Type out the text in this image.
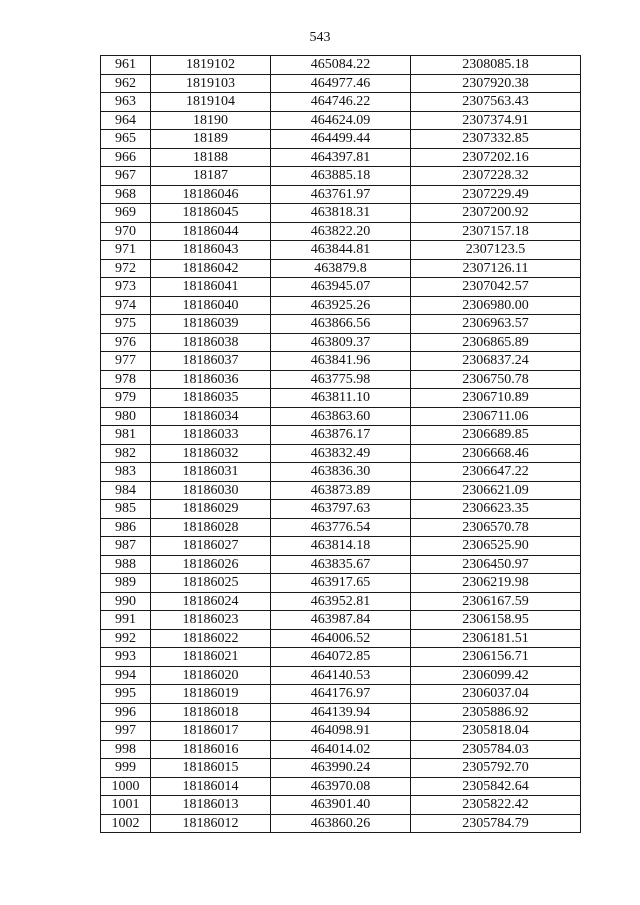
543
961	1819102	465084.22	2308085.18
962	1819103	464977.46	2307920.38
963	1819104	464746.22	2307563.43
964	18190	464624.09	2307374.91
965	18189	464499.44	2307332.85
966	18188	464397.81	2307202.16
967	18187	463885.18	2307228.32
968	18186046	463761.97	2307229.49
969	18186045	463818.31	2307200.92
970	18186044	463822.20	2307157.18
971	18186043	463844.81	2307123.5
972	18186042	463879.8	2307126.11
973	18186041	463945.07	2307042.57
974	18186040	463925.26	2306980.00
975	18186039	463866.56	2306963.57
976	18186038	463809.37	2306865.89
977	18186037	463841.96	2306837.24
978	18186036	463775.98	2306750.78
979	18186035	463811.10	2306710.89
980	18186034	463863.60	2306711.06
981	18186033	463876.17	2306689.85
982	18186032	463832.49	2306668.46
983	18186031	463836.30	2306647.22
984	18186030	463873.89	2306621.09
985	18186029	463797.63	2306623.35
986	18186028	463776.54	2306570.78
987	18186027	463814.18	2306525.90
988	18186026	463835.67	2306450.97
989	18186025	463917.65	2306219.98
990	18186024	463952.81	2306167.59
991	18186023	463987.84	2306158.95
992	18186022	464006.52	2306181.51
993	18186021	464072.85	2306156.71
994	18186020	464140.53	2306099.42
995	18186019	464176.97	2306037.04
996	18186018	464139.94	2305886.92
997	18186017	464098.91	2305818.04
998	18186016	464014.02	2305784.03
999	18186015	463990.24	2305792.70
1000	18186014	463970.08	2305842.64
1001	18186013	463901.40	2305822.42
1002	18186012	463860.26	2305784.79
